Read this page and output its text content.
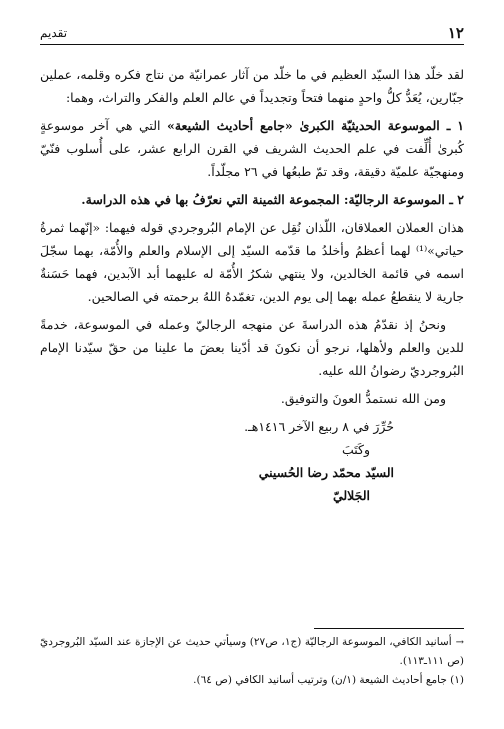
١٢
تقديم

لقد خلّد هذا السيّد العظيم في ما خلّد من آثار عمرانيّة من نتاج فكره وقلمه، عملين جبّارين، يُعَدُّ كلُّ واحدٍ منهما فتحاً وتجديداً في عالم العلم والفكر والتراث، وهما:

١ ـ الموسوعة الحديثيّة الكبرىٰ «جامع أحاديث الشيعة» التي هي آخر موسوعةٍ كُبرىٰ أُلِّفت في علم الحديث الشريف في القرن الرابع عشر، على أُسلوب فنّيّ ومنهجيّة علميّة دقيقة، وقد تمّ طبعُها في ٢٦ مجلّداً.

٢ ـ الموسوعة الرجاليّة: المجموعة الثمينة التي نعرّفُ بها في هذه الدراسة.

هذان العملان العملاقان، اللّذان نُقِل عن الإمام البُروجردي قوله فيهما: «إنّهما ثمرةُ حياتي»⁽¹⁾ لهما أعظمُ وأخلدُ ما قدّمه السيّد إلى الإسلام والعلم والأُمّة، بهما سجّلَ اسمه في قائمة الخالدين، ولا ينتهي شكرُ الأُمّة له عليهما أبد الآبدين، فهما حَسَنةٌ جارية لا ينقطعُ عمله بهما إلى يوم الدين، تغمّدهُ اللهُ برحمته في الصالحين.

ونحنُ إذ نقدّمُ هذه الدراسةَ عن منهجه الرجاليّ وعمله في الموسوعة، خدمةً للدين والعلم ولأهلها، نرجو أن نكونَ قد أدّينا بعضَ ما علينا من حقّ سيّدنا الإمام البُروجرديّ رضوانُ الله عليه.

ومن الله نستمدُّ العونَ والتوفيق.

حُرِّرَ في ٨ ربيع الآخر ١٤١٦هـ.
وكَتَبَ
السيّد محمّد رضا الحُسيني
الجَلاليّ

→أسانيد الكافي، الموسوعة الرجاليّة (ج١، ص٢٧) وسيأتي حديث عن الإجازة عند السيّد البُروجرديّ (ص ١١١ـ١١٣).

(١) جامع أحاديث الشيعة (١/ن) وترتيب أسانيد الكافي (ص ٦٤).
